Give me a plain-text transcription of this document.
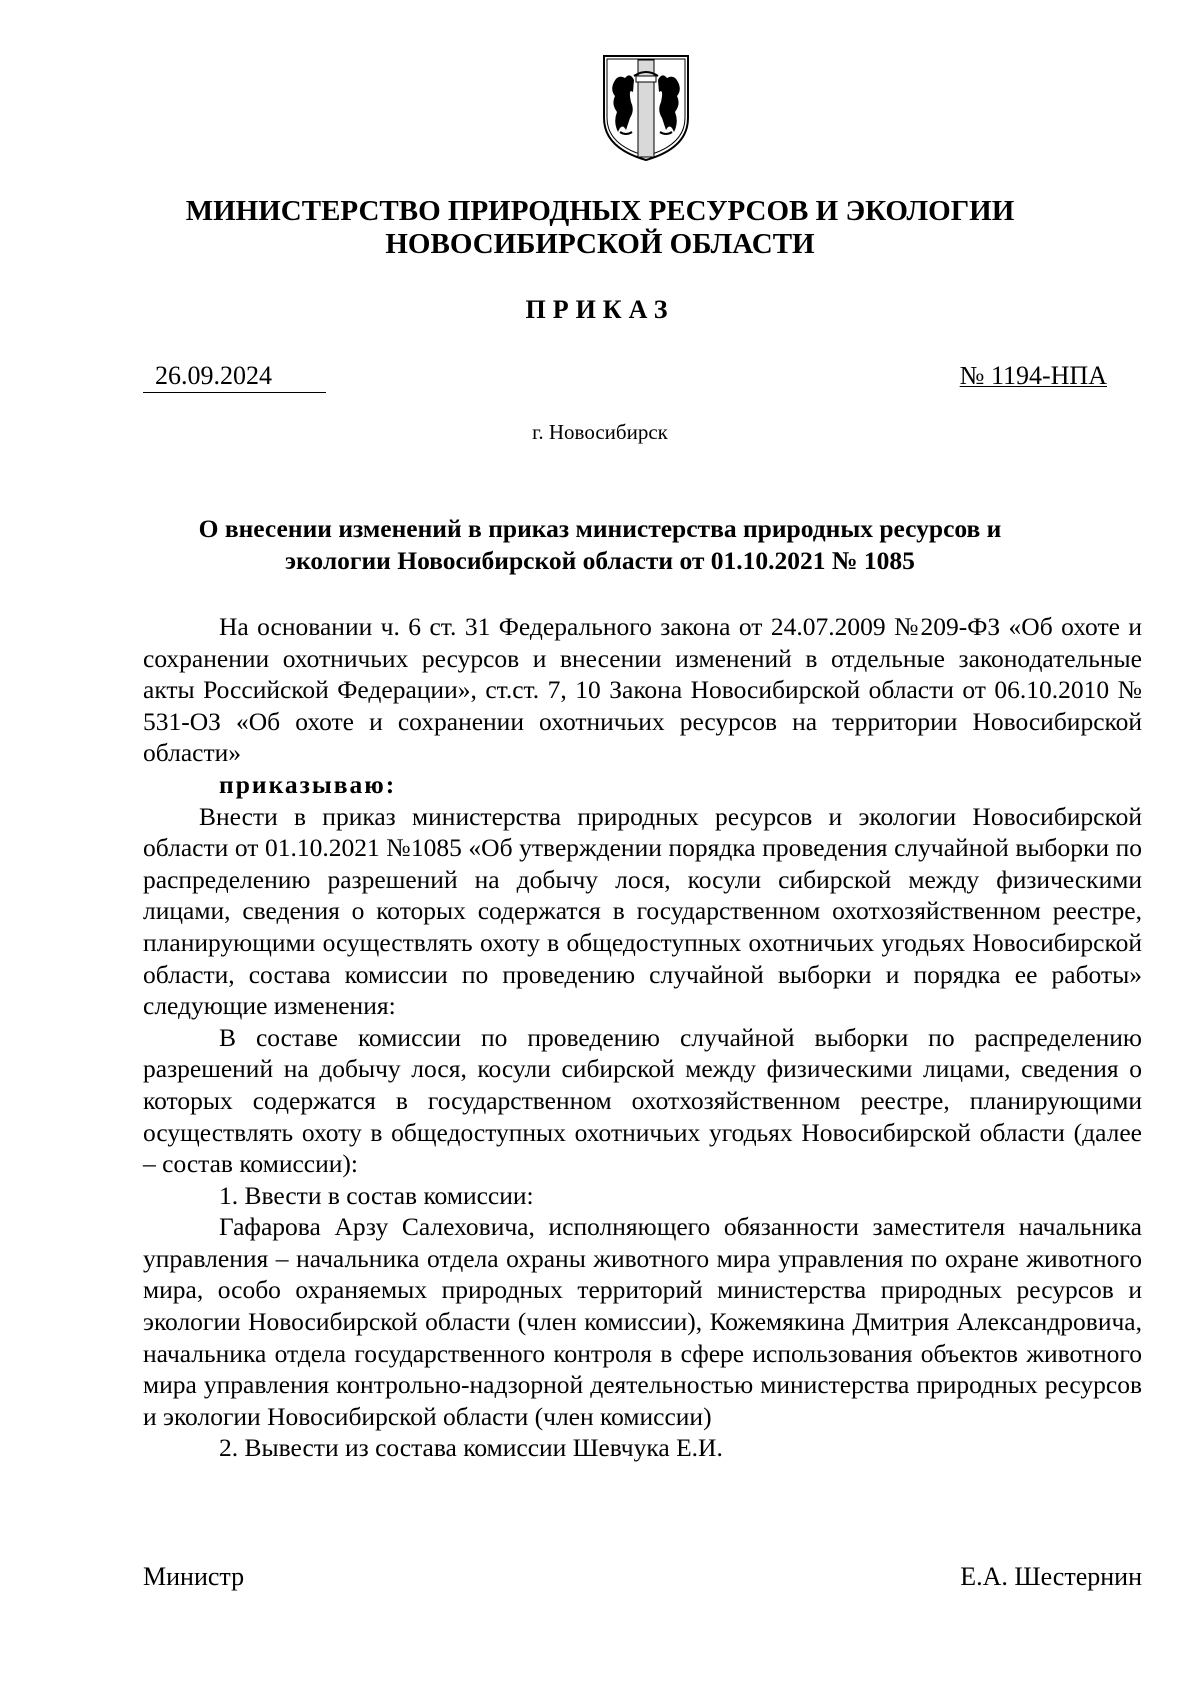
МИНИСТЕРСТВО ПРИРОДНЫХ РЕСУРСОВ И ЭКОЛОГИИ
НОВОСИБИРСКОЙ ОБЛАСТИ
ПРИКАЗ
26.09.2024	№ 1194-НПА
г. Новосибирск
О внесении изменений в приказ министерства природных ресурсов и
экологии Новосибирской области от 01.10.2021 № 1085

На основании ч. 6 ст. 31 Федерального закона от 24.07.2009 №209-ФЗ «Об охоте и сохранении охотничьих ресурсов и внесении изменений в отдельные законодательные акты Российской Федерации», ст.ст. 7, 10 Закона Новосибирской области от 06.10.2010 № 531-ОЗ «Об охоте и сохранении охотничьих ресурсов на территории Новосибирской области»

приказываю:

Внести в приказ министерства природных ресурсов и экологии Новосибирской области от 01.10.2021 №1085 «Об утверждении порядка проведения случайной выборки по распределению разрешений на добычу лося, косули сибирской между физическими лицами, сведения о которых содержатся в государственном охотхозяйственном реестре, планирующими осуществлять охоту в общедоступных охотничьих угодьях Новосибирской области, состава комиссии по проведению случайной выборки и порядка ее работы» следующие изменения:

В составе комиссии по проведению случайной выборки по распределению разрешений на добычу лося, косули сибирской между физическими лицами, сведения о которых содержатся в государственном охотхозяйственном реестре, планирующими осуществлять охоту в общедоступных охотничьих угодьях Новосибирской области (далее – состав комиссии):

1. Ввести в состав комиссии:

Гафарова Арзу Салеховича, исполняющего обязанности заместителя начальника управления – начальника отдела охраны животного мира управления по охране животного мира, особо охраняемых природных территорий министерства природных ресурсов и экологии Новосибирской области (член комиссии), Кожемякина Дмитрия Александровича, начальника отдела государственного контроля в сфере использования объектов животного мира управления контрольно-надзорной деятельностью министерства природных ресурсов и экологии Новосибирской области (член комиссии)

2. Вывести из состава комиссии Шевчука Е.И.

Министр	Е.А. Шестернин
